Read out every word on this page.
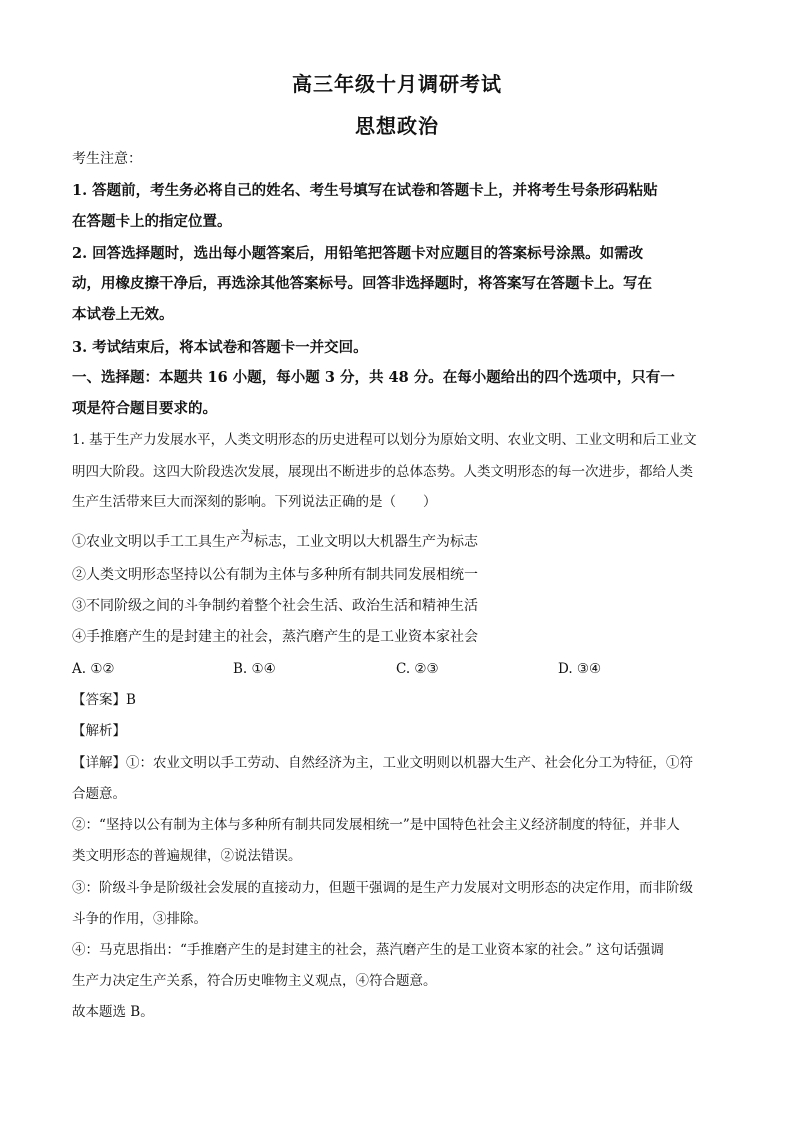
高三年级十月调研考试
思想政治
考生注意：
1. 答题前，考生务必将自己的姓名、考生号填写在试卷和答题卡上，并将考生号条形码粘贴
在答题卡上的指定位置。
2. 回答选择题时，选出每小题答案后，用铅笔把答题卡对应题目的答案标号涂黑。如需改
动，用橡皮擦干净后，再选涂其他答案标号。回答非选择题时，将答案写在答题卡上。写在
本试卷上无效。
3. 考试结束后，将本试卷和答题卡一并交回。
一、选择题：本题共 16 小题，每小题 3 分，共 48 分。在每小题给出的四个选项中，只有一
项是符合题目要求的。
1. 基于生产力发展水平，人类文明形态的历史进程可以划分为原始文明、农业文明、工业文明和后工业文
明四大阶段。这四大阶段迭次发展，展现出不断进步的总体态势。人类文明形态的每一次进步，都给人类
生产生活带来巨大而深刻的影响。下列说法正确的是（　　）
①农业文明以手工工具生产为标志，工业文明以大机器生产为标志
②人类文明形态坚持以公有制为主体与多种所有制共同发展相统一
③不同阶级之间的斗争制约着整个社会生活、政治生活和精神生活
④手推磨产生的是封建主的社会，蒸汽磨产生的是工业资本家社会
A. ①②	B. ①④	C. ②③	D. ③④
【答案】B
【解析】
【详解】①：农业文明以手工劳动、自然经济为主，工业文明则以机器大生产、社会化分工为特征，①符
合题意。
②：“坚持以公有制为主体与多种所有制共同发展相统一”是中国特色社会主义经济制度的特征，并非人
类文明形态的普遍规律，②说法错误。
③：阶级斗争是阶级社会发展的直接动力，但题干强调的是生产力发展对文明形态的决定作用，而非阶级
斗争的作用，③排除。
④：马克思指出：“手推磨产生的是封建主的社会，蒸汽磨产生的是工业资本家的社会。” 这句话强调
生产力决定生产关系，符合历史唯物主义观点，④符合题意。
故本题选 B。
